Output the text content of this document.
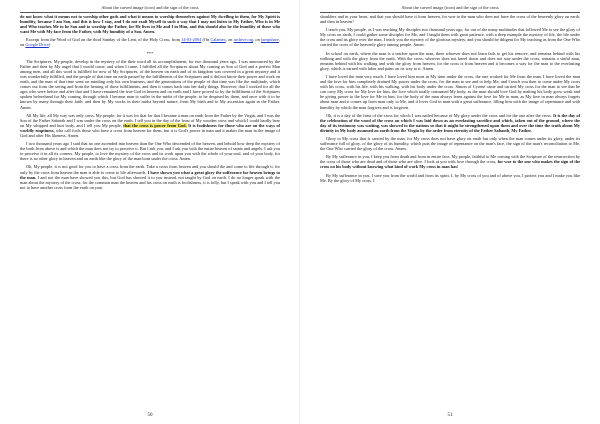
About the carved image (icon) and the sign of the cross

do not know what it means not to worship other gods and what it means to worship themselves against My dwelling in them, for My Spirit is humility, because I am Son, and this is how I stay, and I do not exalt Myself in such a way that I may not listen to My Father, Who is in Me and Who teaches Me to be Son and to worship the Father, for He lives in Me and I in Him, and this should also be the humility of those who want Me with My face from the Father, with My humility of a Son. Amen.

Excerpt from the Word of God on the third Sunday of the Lent, of the Holy Cross, from 14-03-2004 (On Calameo, on archive.org, on jumpshare, on Google Drive)

***

The Scriptures, My people, develop in the mystery of the their word all its accomplishment, for two thousand years ago, I was announced by the Father and then by My angel that I would come, and when I came, I fulfilled all the Scriptures about My coming as Son of God and a perfect Man among men, and all this word is fulfilled for now of My Scriptures, of the heaven on earth and of its kingdom was covered in a great mystery and it was wonderfully fulfilled, and the people of that time on earth passed by the fulfillments of the Scriptures and it did not know their power and work on earth, and the man of that time went on minding only his own business, and the generations of the people of that time was like the multitude, which comes out from the seeing and from the hearing of those fulfillments, and then it comes back into her daily things. However, that I worked for all the ages who were before and after that and I have remained the true God in heaven and on earth and I have proved so by the fulfillment of the Scriptures spoken beforehand for My coming, through which I became man to suffer in the midst of the people, to be despised by them, and once with it to be known by many through their faith, and then by My works in their midst beyond nature, from My birth and to My ascension again in the Father. Amen.

All My life, all My way was only cross, My people, for it was for that for that I became a man on earth from the Father by the Virgin, and I was the Son of the Father Sabaoth and I was under the cross on the earth. I tell you in the day of the feast of My wooden cross and which I could hardly bear on My whipped and hurt body, and I tell you My people, that the cross is power from God. It is foolishness for those who are on the ways of worldly emptiness, who call fools those who have a cross from heaven for them, but it is God's power in man and it makes the man in the image of God and after His likeness. Amen.

I two thousand years ago I said that no one ascended into heaven than the One Who descended of the heaven, and behold how deep the mystery of the birth from above is and which the man does not try to perceive it. But I ask you, and I ask you with the entire heaven of saints and angels. I ask you to perceive it in all its corners. My people, to love the mystery of the cross and its work upon you with the whole of your soul, and of your body, for there is no other glory in heaven and on earth like the glory of the man born under the cross. Amen.

Oh, My people, it is not good for you to have a cross from the earth. Take a cross from heaven and you should die and come to life through it, for only by the cross from heaven the man is able to come to life afterwards. I have shown you what a great glory the sufferance for heaven brings to the man. I and not the man have showed you this, but God has showed it to you instead, not taught by God on earth. I do no longer speak with the man about the mystery of the cross, for the common man the heaven and his cross on earth is foolishness, it is folly, but I speak with you and I tell you not to have another cross from the earth on your

50
About the carved image (icon) and the sign of the cross

shoulders and in your heart, and that you should have it from heaven, for woe to the man who does not have the cross of the heavenly glory on earth, and then in heaven!

I teach you, My people, as I was teaching My disciples two thousand years ago, for out of the many multitudes that followed Me to see the glory of My cross on earth, I could gather some disciples for Me, and I taught them with great patience, with a deep example the mystery of life, the life under the cross and its glory over the man. I teach you the mystery of the glorious mystery, and you should be diligent for My teaching as from the One Who carried the cross of the heavenly glory among people. Amen.

In school on earth, where the man is a teacher upon the man, there whoever does not learn fails to get his remove, and remains behind with his walking and with the glory from the earth. With the cross, whoever does not kneel down and does not stay under the cross, remains a sinful man, remains behind with his walking and with the glory from heaven, for the cross is from heaven and it becomes a way for the man to the everlasting glory, which is earned with labor and pains on its way to it. Amen.

I have loved the man very much. I have loved him most in My time under the cross, the one worked for Me from the man. I have loved the man and the love for him completely drained My power under the cross, for the man to see and to help Me, and I teach you then to come under My cross with his cross, with his life, with his walking, with his body under the cross. Simon of Cyrene came and carried My cross for the man to see that he can carry My cross for My love for him, the love which totally consumed My body, as the man should love God by making his body grow weak and be giving power to the love for Me in him, for the body of the man always leans against the love for Me in man, as My love in man always forgets about man and it comes up from man only to Me, and it loves God in man with a great sufferance, filling him with the image of repentance and with humility by which the man forgives and is forgiven.

Oh, it is a day of the feast of the cross for which I was nailed because of My glory under the cross and for the one after the cross. It is the day of the celebration of the wood of the cross on which I was laid down as an everlasting sacrifice and which, taken out of the ground, where the day of its testimony was waiting, was showed to the nations so that it might be strengthened upon them and over the time the truth about My divinity in My body assumed on earth from the Virgin by the order from eternity of the Father Sabaoth, My Father.

Glory to My cross that is carried by the man, for My cross does not have glory on earth but only when the man comes under its glory, under its sufferance full of glory, of the glory of its humility, which puts the image of repentance on the man's face, the sign of the man's reconciliation to Me, the One Who carried the glory of the cross. Amen.

By My sufferance in you, I keep you from death and from in entire face, My people, faithful to Me coming with the Scripture of the resurrection by the cross of those who are dead and of those who are alive. I look at you with love through the cross, for woe to the one who makes the sign of the cross on his body without knowing what kind of work My cross in man has!

By My sufferance in you, I save you from the world and from its spirit. I, by My cross of you and of above you, I protect you and I make you like Me. By the glory of My cross, I

51
